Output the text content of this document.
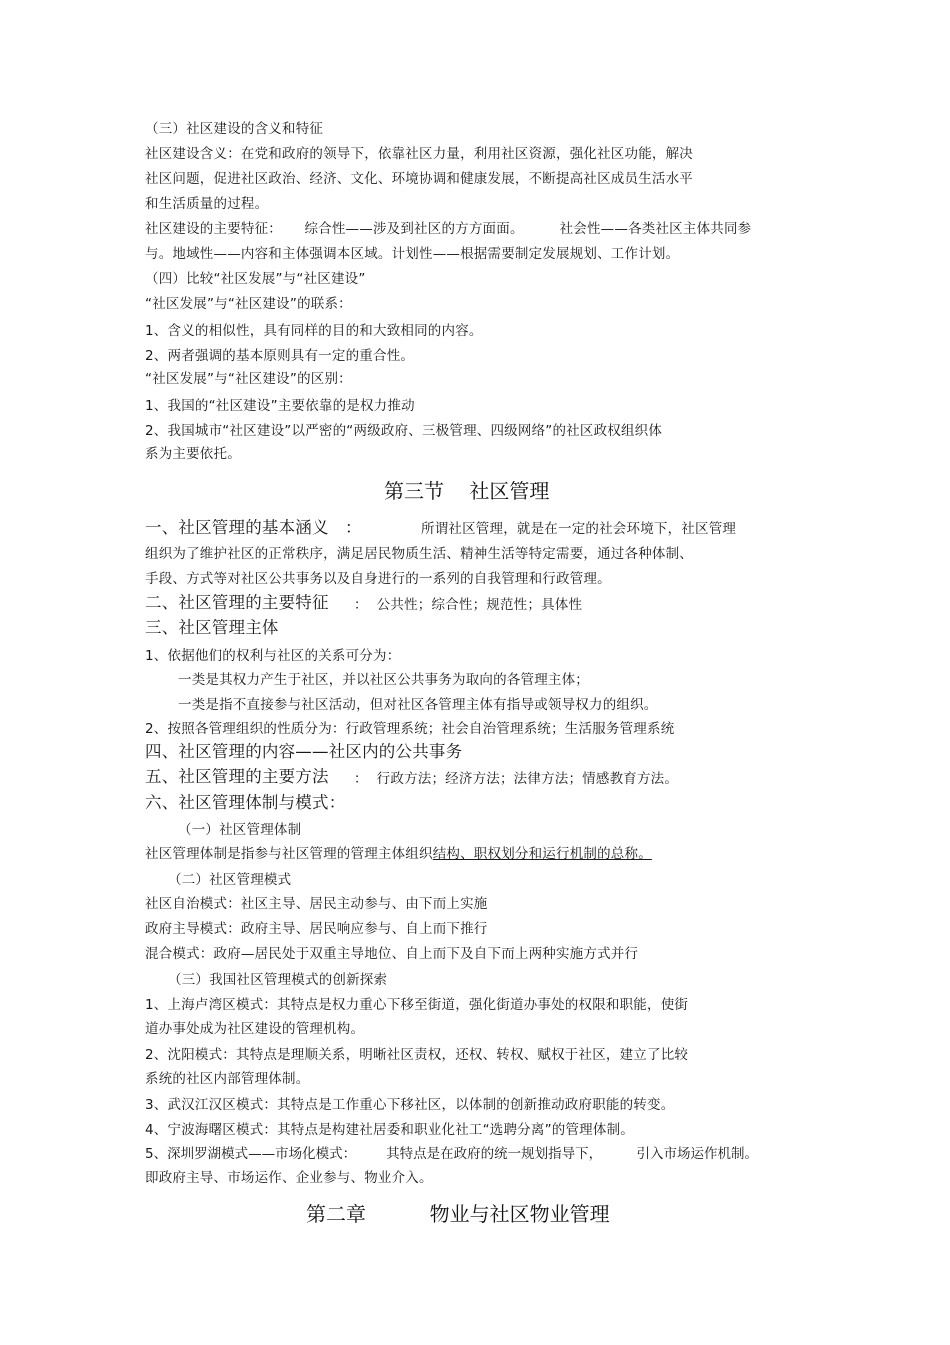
（三）社区建设的含义和特征
社区建设含义：在党和政府的领导下，依靠社区力量，利用社区资源，强化社区功能，解决
社区问题，促进社区政治、经济、文化、环境协调和健康发展，不断提高社区成员生活水平
和生活质量的过程。
社区建设的主要特征：     综合性——涉及到社区的方方面面。        社会性——各类社区主体共同参
与。地域性——内容和主体强调本区域。计划性——根据需要制定发展规划、工作计划。
（四）比较“社区发展”与“社区建设”
“社区发展”与“社区建设”的联系：
1、含义的相似性，具有同样的目的和大致相同的内容。
2、两者强调的基本原则具有一定的重合性。
“社区发展”与“社区建设”的区别：
1、我国的“社区建设”主要依靠的是权力推动
2、我国城市“社区建设”以严密的“两级政府、三极管理、四级网络”的社区政权组织体
系为主要依托。
第三节    社区管理
一、社区管理的基本涵义   ：	所谓社区管理，就是在一定的社会环境下，社区管理
组织为了维护社区的正常秩序，满足居民物质生活、精神生活等特定需要，通过各种体制、
手段、方式等对社区公共事务以及自身进行的一系列的自我管理和行政管理。
二、社区管理的主要特征 ：  公共性；综合性；规范性；具体性
三、社区管理主体
1、依据他们的权利与社区的关系可分为：
一类是其权力产生于社区，并以社区公共事务为取向的各管理主体；
一类是指不直接参与社区活动，但对社区各管理主体有指导或领导权力的组织。
2、按照各管理组织的性质分为：行政管理系统；社会自治管理系统；生活服务管理系统
四、社区管理的内容——社区内的公共事务
五、社区管理的主要方法 ：  行政方法；经济方法；法律方法；情感教育方法。
六、社区管理体制与模式：
（一）社区管理体制
社区管理体制是指参与社区管理的管理主体组织结构、职权划分和运行机制的总称。
（二）社区管理模式
社区自治模式：社区主导、居民主动参与、由下而上实施
政府主导模式：政府主导、居民响应参与、自上而下推行
混合模式：政府—居民处于双重主导地位、自上而下及自下而上两种实施方式并行
（三）我国社区管理模式的创新探索
1、上海卢湾区模式：其特点是权力重心下移至街道，强化街道办事处的权限和职能，使街
道办事处成为社区建设的管理机构。
2、沈阳模式：其特点是理顺关系，明晰社区责权，还权、转权、赋权于社区，建立了比较
系统的社区内部管理体制。
3、武汉江汉区模式：其特点是工作重心下移社区，以体制的创新推动政府职能的转变。
4、宁波海曙区模式：其特点是构建社居委和职业化社工“选聘分离”的管理体制。
5、深圳罗湖模式——市场化模式：       其特点是在政府的统一规划指导下，        引入市场运作机制。
即政府主导、市场运作、企业参与、物业介入。
第二章          物业与社区物业管理
